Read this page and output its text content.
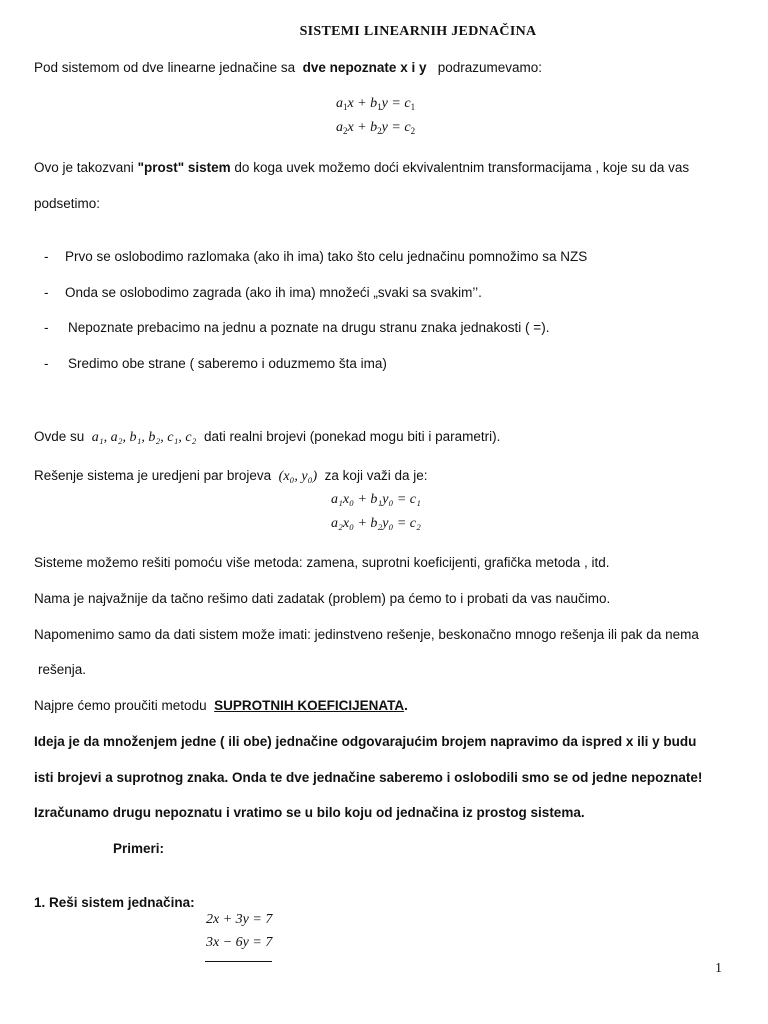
SISTEMI LINEARNIH JEDNAČINA
Pod sistemom od dve linearne jednačine sa dve nepoznate x i y podrazumevamo:
$a_1x + b_1y = c_1$
$a_2x + b_2y = c_2$
Ovo je takozvani "prost" sistem do koga uvek možemo doći ekvivalentnim transformacijama , koje su da vas
podsetimo:
- Prvo se oslobodimo razlomaka (ako ih ima) tako što celu jednačinu pomnožimo sa NZS
- Onda se oslobodimo zagrada (ako ih ima) množeći „svaki sa svakim’’.
- Nepoznate prebacimo na jednu a poznate na drugu stranu znaka jednakosti ( =).
- Sredimo obe strane ( saberemo i oduzmemo šta ima)
Ovde su a₁, a₂, b₁, b₂, c₁, c₂ dati realni brojevi (ponekad mogu biti i parametri).
Rešenje sistema je uredjeni par brojeva (x₀, y₀) za koji važi da je:
a₁x₀ + b₁y₀ = c₁
a₂x₀ + b₂y₀ = c₂
Sisteme možemo rešiti pomoću više metoda: zamena, suprotni koeficijenti, grafička metoda , itd.
Nama je najvažnije da tačno rešimo dati zadatak (problem) pa ćemo to i probati da vas naučimo.
Napomenimo samo da dati sistem može imati: jedinstveno rešenje, beskonačno mnogo rešenja ili pak da nema
rešenja.
Najpre ćemo proučiti metodu SUPROTNIH KOEFICIJENATA.
Ideja je da množenjem jedne ( ili obe) jednačine odgovarajućim brojem napravimo da ispred x ili y budu
isti brojevi a suprotnog znaka. Onda te dve jednačine saberemo i oslobodili smo se od jedne nepoznate!
Izračunamo drugu nepoznatu i vratimo se u bilo koju od jednačina iz prostog sistema.
Primeri:
1. Reši sistem jednačina:
2x + 3y = 7
3x − 6y = 7
1
